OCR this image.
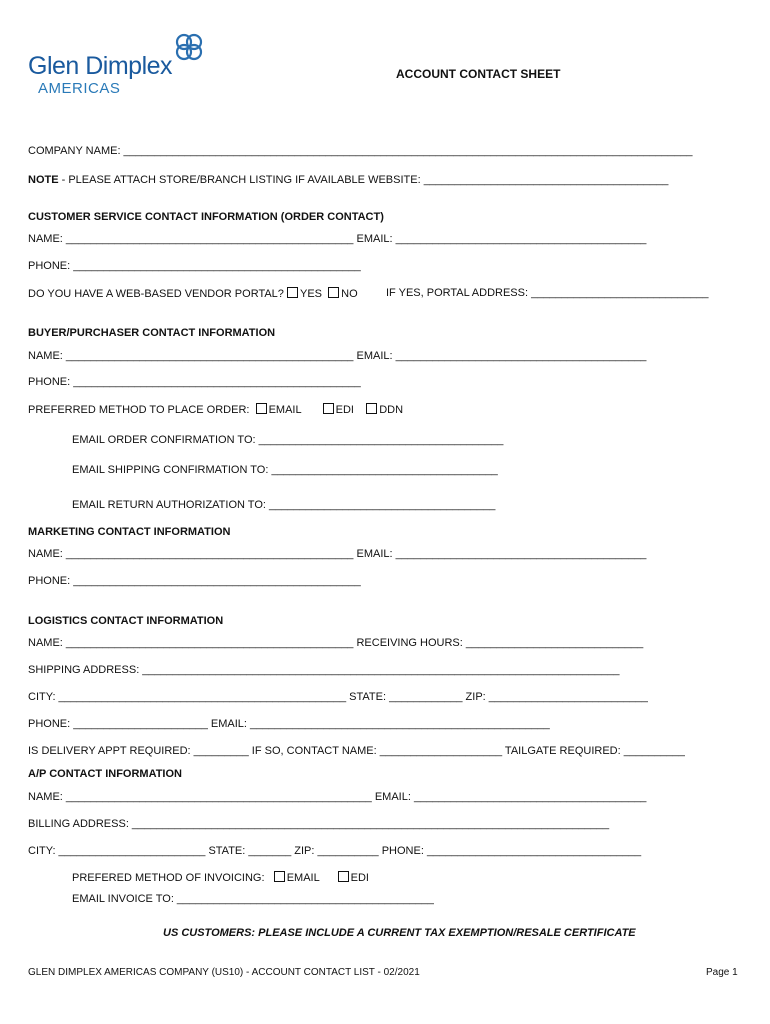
Glen Dimplex
AMERICAS
ACCOUNT CONTACT SHEET
COMPANY NAME: _____________________________________________________________________________________________
NOTE - PLEASE ATTACH STORE/BRANCH LISTING IF AVAILABLE WEBSITE: ________________________________________
CUSTOMER SERVICE CONTACT INFORMATION (ORDER CONTACT)
NAME: _______________________________________________ EMAIL: _________________________________________
PHONE: _______________________________________________
DO YOU HAVE A WEB-BASED VENDOR PORTAL? YES NO	IF YES, PORTAL ADDRESS: _____________________________
BUYER/PURCHASER CONTACT INFORMATION
NAME: _______________________________________________ EMAIL: _________________________________________
PHONE: _______________________________________________
PREFERRED METHOD TO PLACE ORDER: EMAIL	EDI DDN
EMAIL ORDER CONFIRMATION TO: ________________________________________
EMAIL SHIPPING CONFIRMATION TO: _____________________________________
EMAIL RETURN AUTHORIZATION TO: _____________________________________
MARKETING CONTACT INFORMATION
NAME: _______________________________________________ EMAIL: _________________________________________
PHONE: _______________________________________________
LOGISTICS CONTACT INFORMATION
NAME: _______________________________________________ RECEIVING HOURS: _____________________________
SHIPPING ADDRESS: ______________________________________________________________________________
CITY: _______________________________________________ STATE: ____________ ZIP: __________________________
PHONE: ______________________ EMAIL: _________________________________________________
IS DELIVERY APPT REQUIRED: _________ IF SO, CONTACT NAME: ____________________ TAILGATE REQUIRED: __________
A/P CONTACT INFORMATION
NAME: __________________________________________________ EMAIL: ______________________________________
BILLING ADDRESS: ______________________________________________________________________________
CITY: ________________________ STATE: _______ ZIP: __________ PHONE: ___________________________________
PREFERED METHOD OF INVOICING: EMAIL	EDI
EMAIL INVOICE TO: __________________________________________
US CUSTOMERS: PLEASE INCLUDE A CURRENT TAX EXEMPTION/RESALE CERTIFICATE
GLEN DIMPLEX AMERICAS COMPANY (US10) - ACCOUNT CONTACT LIST - 02/2021	Page 1
